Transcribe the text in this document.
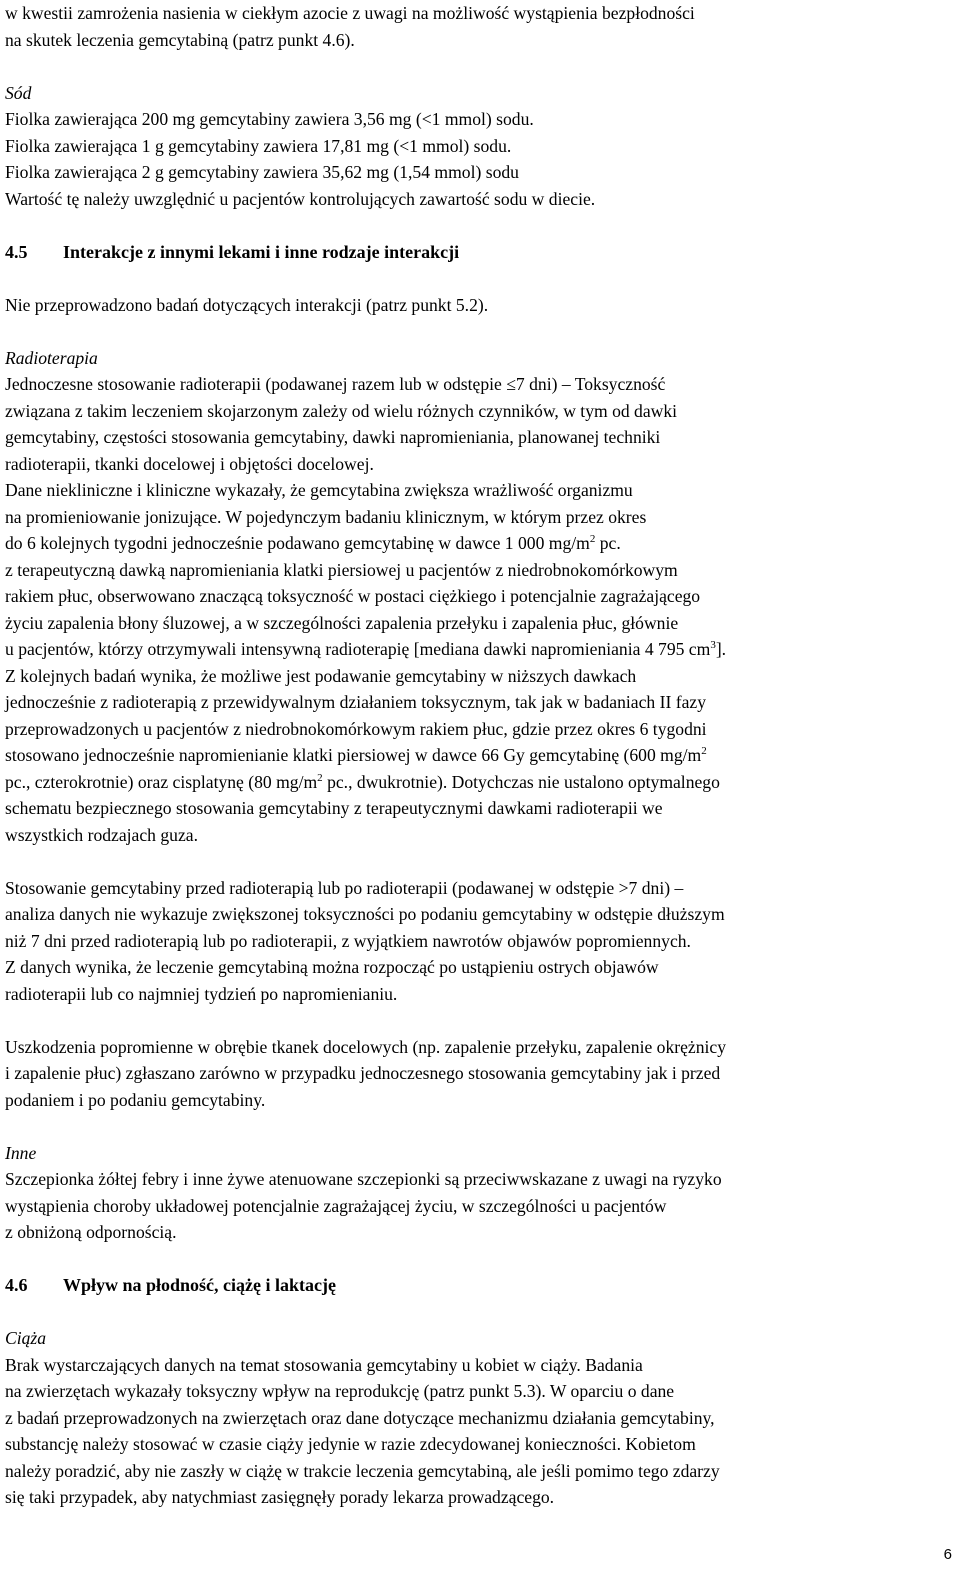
w kwestii zamrożenia nasienia w ciekłym azocie z uwagi na możliwość wystąpienia bezpłodności
na skutek leczenia gemcytabiną (patrz punkt 4.6).
Sód
Fiolka zawierająca 200 mg gemcytabiny zawiera 3,56 mg (<1 mmol) sodu.
Fiolka zawierająca 1 g gemcytabiny zawiera 17,81 mg (<1 mmol) sodu.
Fiolka zawierająca 2 g gemcytabiny zawiera 35,62 mg (1,54 mmol) sodu
Wartość tę należy uwzględnić u pacjentów kontrolujących zawartość sodu w diecie.
4.5 Interakcje z innymi lekami i inne rodzaje interakcji
Nie przeprowadzono badań dotyczących interakcji (patrz punkt 5.2).
Radioterapia
Jednoczesne stosowanie radioterapii (podawanej razem lub w odstępie ≤7 dni) – Toksyczność
związana z takim leczeniem skojarzonym zależy od wielu różnych czynników, w tym od dawki
gemcytabiny, częstości stosowania gemcytabiny, dawki napromieniania, planowanej techniki
radioterapii, tkanki docelowej i objętości docelowej.
Dane niekliniczne i kliniczne wykazały, że gemcytabina zwiększa wrażliwość organizmu
na promieniowanie jonizujące. W pojedynczym badaniu klinicznym, w którym przez okres
do 6 kolejnych tygodni jednocześnie podawano gemcytabinę w dawce 1 000 $mg/m^2$ pc.
z terapeutyczną dawką napromieniania klatki piersiowej u pacjentów z niedrobnokomórkowym
rakiem płuc, obserwowano znaczącą toksyczność w postaci ciężkiego i potencjalnie zagrażającego
życiu zapalenia błony śluzowej, a w szczególności zapalenia przełyku i zapalenia płuc, głównie
u pacjentów, którzy otrzymywali intensywną radioterapię [mediana dawki napromieniania 4 795 $cm^3$].
Z kolejnych badań wynika, że możliwe jest podawanie gemcytabiny w niższych dawkach
jednocześnie z radioterapią z przewidywalnym działaniem toksycznym, tak jak w badaniach II fazy
przeprowadzonych u pacjentów z niedrobnokomórkowym rakiem płuc, gdzie przez okres 6 tygodni
stosowano jednocześnie napromienianie klatki piersiowej w dawce 66 Gy gemcytabinę (600 $mg/m^2$
pc., czterokrotnie) oraz cisplatynę (80 $mg/m^2$ pc., dwukrotnie). Dotychczas nie ustalono optymalnego
schematu bezpiecznego stosowania gemcytabiny z terapeutycznymi dawkami radioterapii we
wszystkich rodzajach guza.
Stosowanie gemcytabiny przed radioterapią lub po radioterapii (podawanej w odstępie >7 dni) –
analiza danych nie wykazuje zwiększonej toksyczności po podaniu gemcytabiny w odstępie dłuższym
niż 7 dni przed radioterapią lub po radioterapii, z wyjątkiem nawrotów objawów popromiennych.
Z danych wynika, że leczenie gemcytabiną można rozpocząć po ustąpieniu ostrych objawów
radioterapii lub co najmniej tydzień po napromienianiu.
Uszkodzenia popromienne w obrębie tkanek docelowych (np. zapalenie przełyku, zapalenie okrężnicy
i zapalenie płuc) zgłaszano zarówno w przypadku jednoczesnego stosowania gemcytabiny jak i przed
podaniem i po podaniu gemcytabiny.
Inne
Szczepionka żółtej febry i inne żywe atenuowane szczepionki są przeciwwskazane z uwagi na ryzyko
wystąpienia choroby układowej potencjalnie zagrażającej życiu, w szczególności u pacjentów
z obniżoną odpornością.
4.6 Wpływ na płodność, ciążę i laktację
Ciąża
Brak wystarczających danych na temat stosowania gemcytabiny u kobiet w ciąży. Badania
na zwierzętach wykazały toksyczny wpływ na reprodukcję (patrz punkt 5.3). W oparciu o dane
z badań przeprowadzonych na zwierzętach oraz dane dotyczące mechanizmu działania gemcytabiny,
substancję należy stosować w czasie ciąży jedynie w razie zdecydowanej konieczności. Kobietom
należy poradzić, aby nie zaszły w ciążę w trakcie leczenia gemcytabiną, ale jeśli pomimo tego zdarzy
się taki przypadek, aby natychmiast zasięgnęły porady lekarza prowadzącego.
6
